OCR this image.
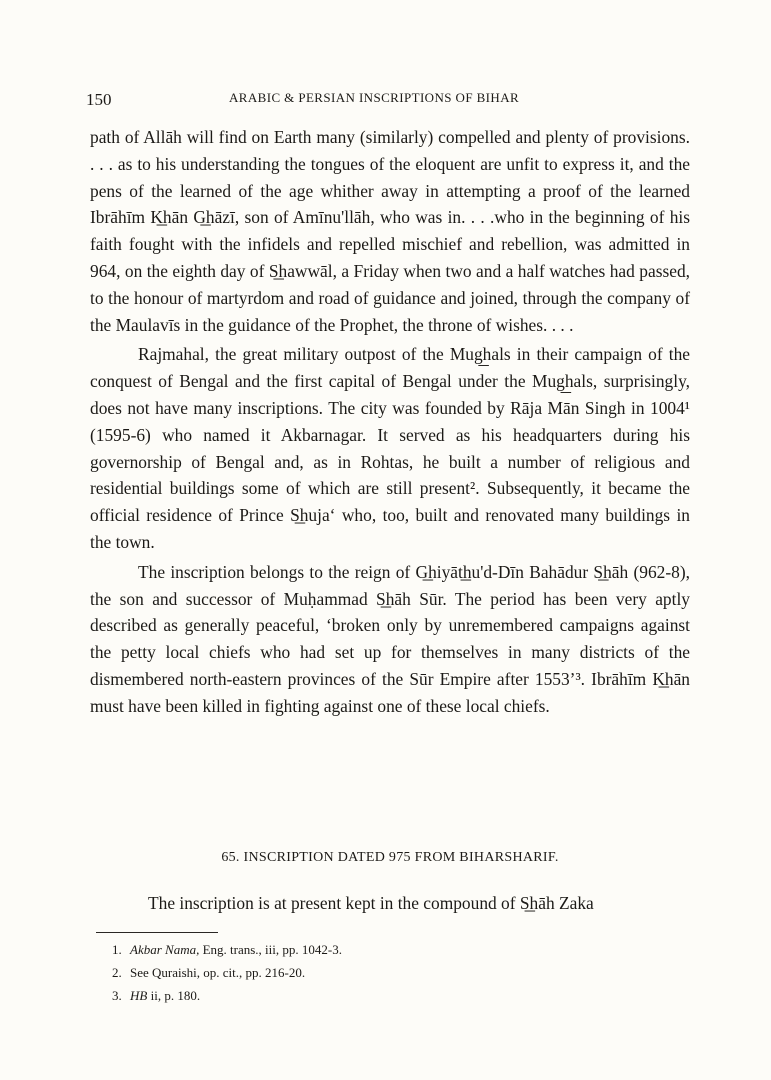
150	ARABIC & PERSIAN INSCRIPTIONS OF BIHAR

path of Allāh will find on Earth many (similarly) compelled and plenty of provisions. . . . as to his understanding the tongues of the eloquent are unfit to express it, and the pens of the learned of the age whither away in attempting a proof of the learned Ibrāhīm K͟hān G͟hāzī, son of Amīnu'llāh, who was in. . . .who in the beginning of his faith fought with the infidels and repelled mischief and rebellion, was admitted in 964, on the eighth day of S͟hawwāl, a Friday when two and a half watches had passed, to the honour of martyrdom and road of guidance and joined, through the company of the Maulavīs in the guidance of the Prophet, the throne of wishes. . . .

Rajmahal, the great military outpost of the Mug͟hals in their campaign of the conquest of Bengal and the first capital of Bengal under the Mug͟hals, surprisingly, does not have many inscriptions. The city was founded by Rāja Mān Singh in 1004¹ (1595-6) who named it Akbarnagar. It served as his headquarters during his governorship of Bengal and, as in Rohtas, he built a number of religious and residential buildings some of which are still present². Subsequently, it became the official residence of Prince S͟huja‘ who, too, built and renovated many buildings in the town.

The inscription belongs to the reign of G͟hiyāt͟hu'd-Dīn Bahādur S͟hāh (962-8), the son and successor of Muḥammad S͟hāh Sūr. The period has been very aptly described as generally peaceful, ‘broken only by unremembered campaigns against the petty local chiefs who had set up for themselves in many districts of the dismembered north-eastern provinces of the Sūr Empire after 1553’³. Ibrāhīm K͟hān must have been killed in fighting against one of these local chiefs.

65. INSCRIPTION DATED 975 FROM BIHARSHARIF.
The inscription is at present kept in the compound of S͟hāh Zaka
1. Akbar Nama, Eng. trans., iii, pp. 1042-3.
2. See Quraishi, op. cit., pp. 216-20.
3. HB ii, p. 180.
